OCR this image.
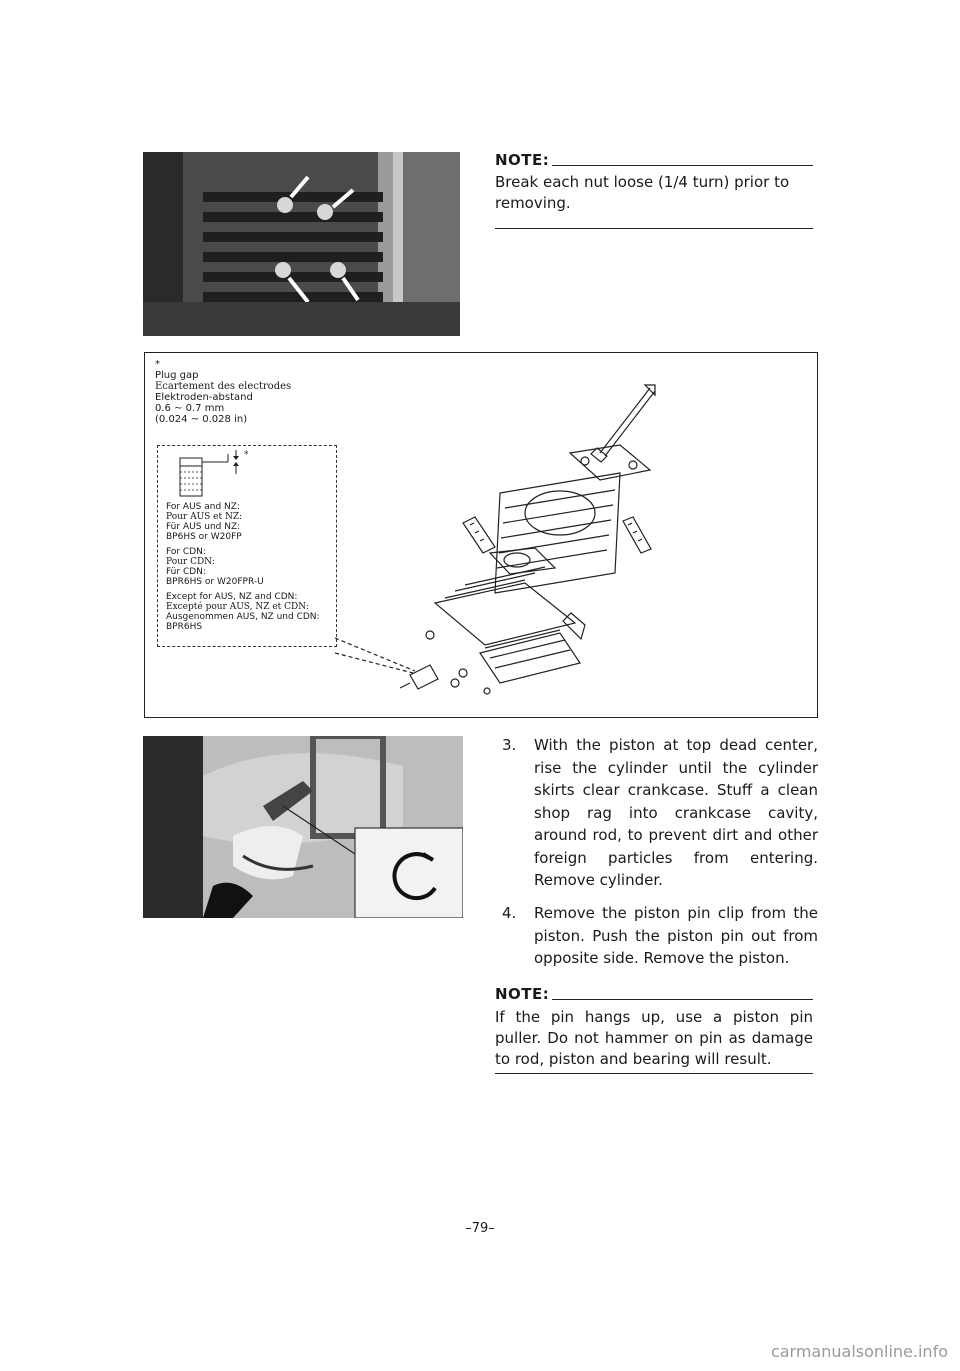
NOTE:
Break each nut loose (1/4 turn) prior to removing.
*
Plug gap
Ecartement des electrodes
Elektroden-abstand
0.6 ~ 0.7 mm
(0.024 ~ 0.028 in)
*
For AUS and NZ:
Pour AUS et NZ:
Für AUS und NZ:
BP6HS or W20FP
For CDN:
Pour CDN:
Für CDN:
BPR6HS or W20FPR-U
Except for AUS, NZ and CDN:
Excepté pour AUS, NZ et CDN:
Ausgenommen AUS, NZ und CDN:
BPR6HS
3. With the piston at top dead center, rise the cylinder until the cylinder skirts clear crankcase. Stuff a clean shop rag into crankcase cavity, around rod, to prevent dirt and other foreign particles from entering. Remove cylinder.
4. Remove the piston pin clip from the piston. Push the piston pin out from opposite side. Remove the piston.
NOTE:
If the pin hangs up, use a piston pin puller. Do not hammer on pin as damage to rod, piston and bearing will result.
–79–
carmanualsonline.info
